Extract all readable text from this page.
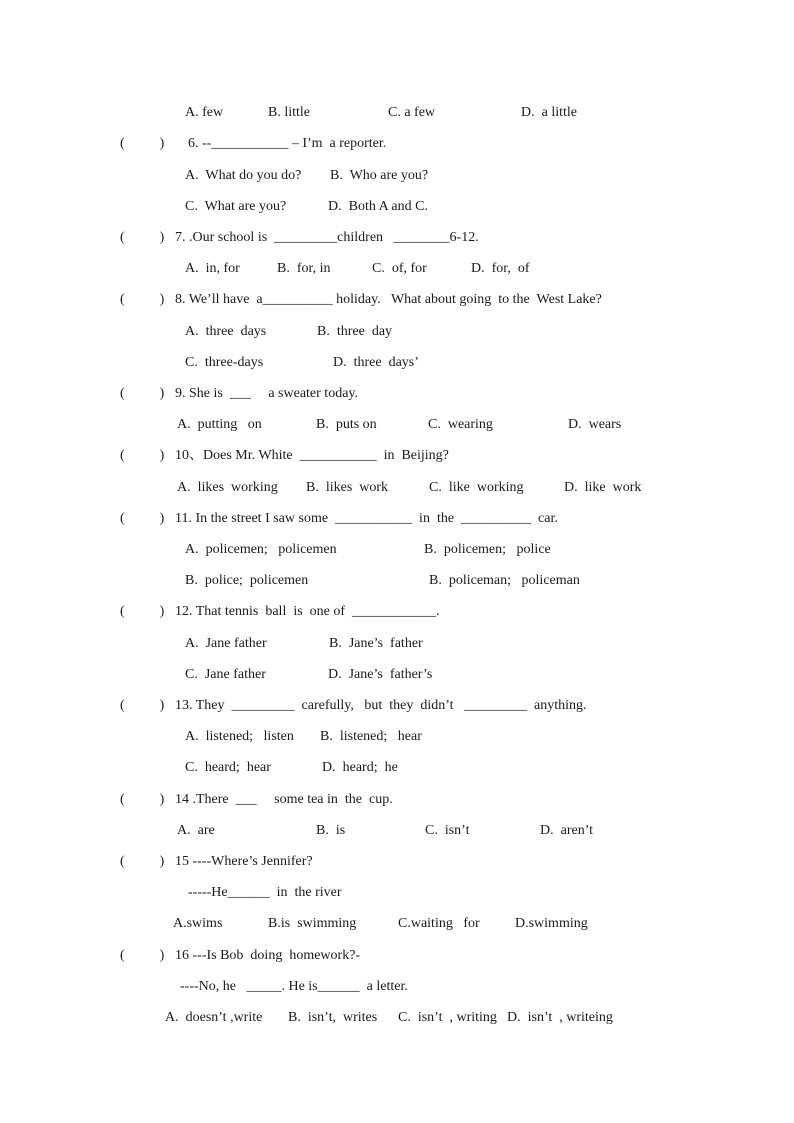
A. few	B. little	C. a few	D.  a little
(          ) 6. --___________ – I’m  a reporter.
A.  What do you do? B.  Who are you?
C.  What are you?	D.  Both A and C.
(          ) 7. .Our school is  _________children   ________6-12.
A.  in, for	B.  for, in	C.  of, for	D.  for,  of
(          ) 8. We’ll have  a__________ holiday.   What about going  to the  West Lake?
A.  three  days	B.  three  day
C.  three-days	D.  three  days’
(          ) 9. She is  ___     a sweater today.
A.  putting   on	B.  puts on	C.  wearing	D.  wears
(          ) 10、Does Mr. White  ___________  in  Beijing?
A.  likes  working B.  likes  work	C.  like  working	D.  like  work
(          ) 11. In the street I saw some  ___________  in  the  __________  car.
A.  policemen;   policemen	B.  policemen;   police
B.  police;  policemen	B.  policeman;   policeman
(          ) 12. That tennis  ball  is  one of  ____________.
A.  Jane father	B.  Jane’s  father
C.  Jane father	D.  Jane’s  father’s
(          ) 13. They  _________  carefully,   but  they  didn’t   _________  anything.
A.  listened;   listen B.  listened;   hear
C.  heard;  hear	D.  heard;  he
(          ) 14 .There  ___     some tea in  the  cup.
A.  are	B.  is	C.  isn’t	D.  aren’t
(          ) 15 ----Where’s Jennifer?
-----He______  in  the river
A.swims	B.is  swimming	C.waiting   for	D.swimming
(          ) 16 ---Is Bob  doing  homework?-
----No, he   _____. He is______  a letter.
A.  doesn’t ,write B.  isn’t,  writes C.  isn’t  , writing D.  isn’t  , writeing
